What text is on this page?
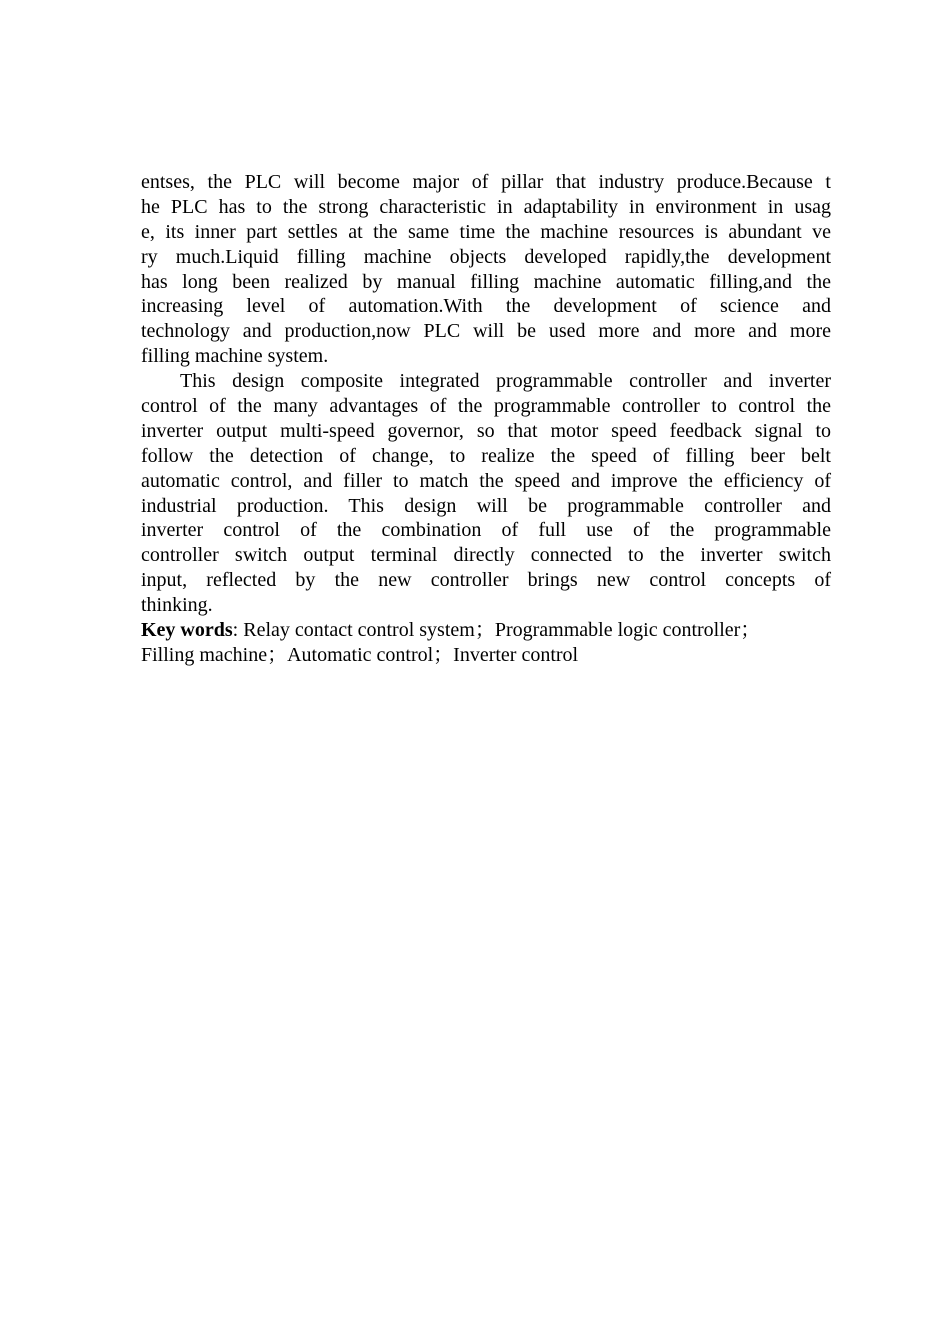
entses, the PLC will become major of pillar that industry produce.Because t
he PLC has to the strong characteristic in adaptability in environment in usag
e, its inner part settles at the same time the machine resources is abundant ve
ry much.Liquid filling machine objects developed rapidly,the development
has long been realized by manual filling machine automatic filling,and the
increasing level of automation.With the development of science and
technology and production,now PLC will be used more and more and more
filling machine system.
This design composite integrated programmable controller and inverter
control of the many advantages of the programmable controller to control the
inverter output multi-speed governor, so that motor speed feedback signal to
follow the detection of change, to realize the speed of filling beer belt
automatic control, and filler to match the speed and improve the efficiency of
industrial production. This design will be programmable controller and
inverter control of the combination of full use of the programmable
controller switch output terminal directly connected to the inverter switch
input, reflected by the new controller brings new control concepts of
thinking.
Key words: Relay contact control system；Programmable logic controller；
Filling machine；Automatic control；Inverter control
